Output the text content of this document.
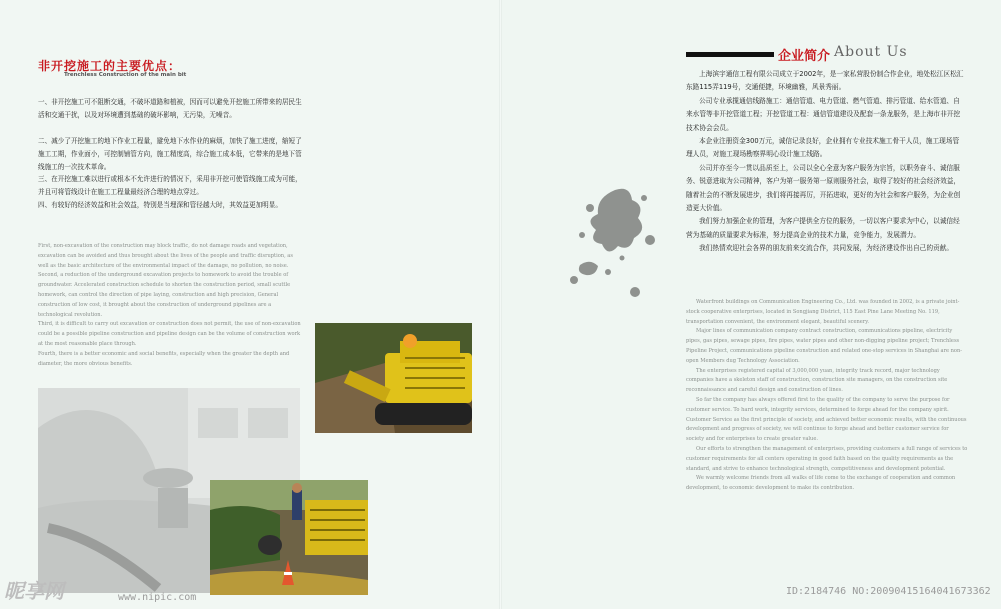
非开挖施工的主要优点：
Trenchless Construction of the main bit
一、非开挖施工可不阻断交通，不破坏道路和植被，因而可以避免开挖施工所带来的居民生活和交通干扰，以及对环境遭到基础的破坏影响，无污染，无噪音。
二、减少了开挖施工的地下作业工程量，避免地下水作业的麻烦，加快了施工进度，缩短了施工工期，作业面小，可控制铺管方向，施工精度高，综合施工成本低，它带来的是地下管线施工的一次技术革命。
三、在开挖施工难以进行或根本不允许进行的情况下，采用非开挖可使管线施工成为可能，并且可将管线设计在施工工程量最经济合理的地点穿过。
四、有较好的经济效益和社会效益，特别是当埋深和管径越大时，其效益更加明显。

First, non-excavation of the construction may block traffic, do not damage roads and vegetation, excavation can be avoided and thus brought about the lives of the people and traffic disruption, as well as the basic architecture of the environmental impact of the damage, no pollution, no noise.

Second, a reduction of the underground excavation projects to homework to avoid the trouble of groundwater. Accelerated construction schedule to shorten the construction period, small scuttle homework, can control the direction of pipe laying, construction and high precision, General construction of low cost, it brought about the construction of underground pipelines are a technological revolution.

Third, it is difficult to carry out excavation or construction does not permit, the use of non-excavation could be a possible pipeline construction and pipeline design can be the volume of construction work at the most reasonable place through.

Fourth, there is a better economic and social benefits, especially when the greater the depth and diameter, the more obvious benefits.

企业简介 About Us

上海滨宇通信工程有限公司成立于2002年，是一家私营股份制合作企业，地处松江区松汇东路115弄119号，交通便捷，环境幽雅，风景秀丽。

公司专业承揽通信线路施工：通信管道、电力管道、燃气管道、排污管道、给水管道、自来水管等非开挖管道工程；开挖管道工程：通信管道建设及配套一条龙服务，是上海市非开挖技术协会会员。

本企业注册资金300万元，诚信记录良好，企业拥有专业技术施工骨干人员，施工现场管理人员，对施工现场勘察界明心设计施工线路。

公司并亦至今一贯以品质至上，公司以全心全意为客户服务为宗旨，以职务奋斗、诚信服务、锐意进取为公司精神，客户为第一服务第一原则服务社会，取得了较好的社会经济效益，随着社会的不断发展进步，我们将再接再厉，开拓进取，更好的为社会和客户服务，为企业创造更大价值。

我们努力加强企业的管理，为客户提供全方位的服务，一切以客户要求为中心，以诚信经营为基础的质量要求为标准，努力提高企业的技术力量，竞争能力，发展潜力。

我们热情欢迎社会各界的朋友前来交流合作，共同发展，为经济建设作出自己的贡献。

Waterfront buildings on Communication Engineering Co., Ltd. was founded in 2002, is a private joint-stock cooperative enterprises, located in Songjiang District, 115 East Pine Lane Meeting No. 119, transportation convenient, the environment elegant, beautiful scenery.

Major lines of communication company contract construction, communications pipeline, electricity pipes, gas pipes, sewage pipes, fire pipes, water pipes and other non-digging pipeline project; Trenchless Pipeline Project, communications pipeline construction and related one-stop services in Shanghai are non-open Members dug Technology Association.

The enterprises registered capital of 3,000,000 yuan, integrity track record, major technology companies have a skeleton staff of construction, construction site managers, on the construction site reconnaissance and careful design and construction of lines.

So far the company has always offered first to the quality of the company to serve the purpose for customer service. To hard work, integrity services, determined to forge ahead for the company spirit. Customer Service as the first principle of society, and achieved better economic results, with the continuous development and progress of society, we will continue to forge ahead and better customer service for society and for enterprises to create greater value.

Our efforts to strengthen the management of enterprises, providing customers a full range of services to customer requirements for all centers operating in good faith based on the quality requirements as the standard, and strive to enhance technological strength, competitiveness and development potential.

We warmly welcome friends from all walks of life come to the exchange of cooperation and common development, to economic development to make its contribution.

昵享网	www.nipic.com
ID:2184746 NO:20090415164041673362
